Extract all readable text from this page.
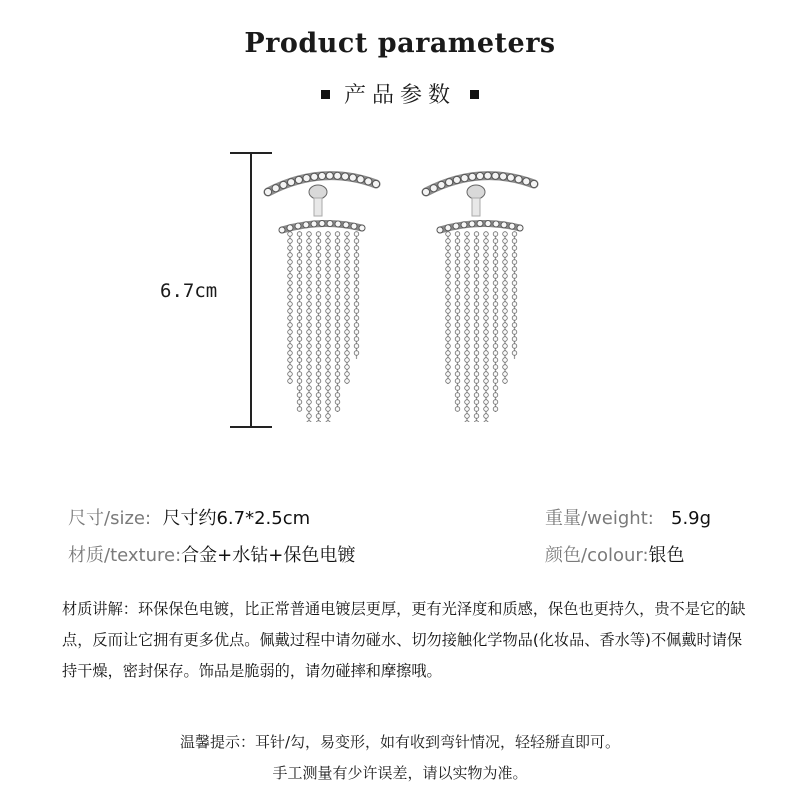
Product parameters
产品参数
6.7cm
尺寸/size: 尺寸约6.7*2.5cm	重量/weight: 5.9g
材质/texture:合金+水钻+保色电镀	颜色/colour:银色
材质讲解：环保保色电镀，比正常普通电镀层更厚，更有光泽度和质感，保色也更持久，贵不是它的缺点，反而让它拥有更多优点。佩戴过程中请勿碰水、切勿接触化学物品(化妆品、香水等)不佩戴时请保持干燥，密封保存。饰品是脆弱的，请勿碰摔和摩擦哦。
温馨提示：耳针/勾，易变形，如有收到弯针情况，轻轻掰直即可。
手工测量有少许误差，请以实物为准。
